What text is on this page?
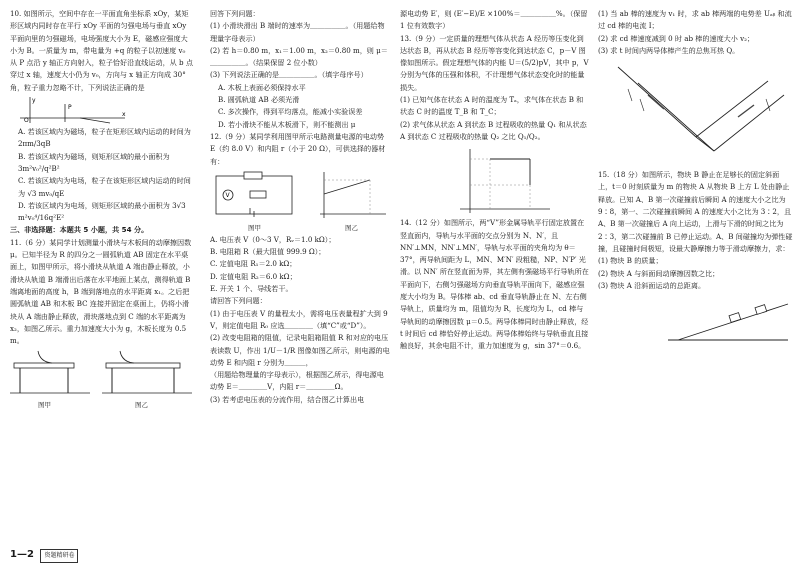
10. 如图所示，空间中存在一平面直角坐标系 xOy，某矩形区域内同时存在平行 xOy 平面的匀强电场与垂直 xOy 平面向里的匀强磁场，电场强度大小为 E，磁感应强度大小为 B。一质量为 m，带电量为 +q 的粒子以初速度 v₀ 从 P 点沿 y 轴正方向射入，粒子恰好沿直线运动，从 b 点穿过 x 轴，速度大小仍为 v₀，方向与 x 轴正方向成 30° 角，粒子重力忽略不计，下列说法正确的是

O
x
y
P

A. 若该区域内为磁场，粒子在矩形区域内运动的时间为 2πm/3qB

B. 若该区域内为磁场，则矩形区域的最小面积为 3m²v₀²/q²B²

C. 若该区域内为电场，粒子在该矩形区域内运动的时间为 √3 mv₀/qE

D. 若该区域内为电场，则矩形区域的最小面积为 3√3 m²v₀⁴/16q²E²

三、非选择题：本题共 5 小题，共 54 分。

11.（6 分）某同学计划测量小滑块与木板间的动摩擦因数 μ。已知半径为 R 的四分之一圆弧轨道 AB 固定在水平桌面上，如图甲所示，将小滑块从轨道 A 端由静止释放，小滑块从轨道 B 端滑出后落在水平地面上某点，测得轨道 B 端离地面的高度 h，B 端到落地点的水平距离 x₁。之后把圆弧轨道 AB 和木板 BC 连接并固定在桌面上，仍将小滑块从 A 端由静止释放，滑块落地点到 C 端的水平距离为 x₂，如图乙所示。重力加速度大小为 g，木板长度为 0.5 m。

图甲	图乙

回答下列问题：

(1) 小滑块滑出 B 端时的速率为＿＿＿＿＿。（用题给物理量字母表示）

(2) 若 h＝0.80 m，x₁＝1.00 m，x₂＝0.80 m，则 μ＝＿＿＿＿＿。（结果保留 2 位小数）

(3) 下列说法正确的是＿＿＿＿＿。（填字母序号）

A. 木板上表面必须保持水平

B. 圆弧轨道 AB 必须光滑

C. 多次操作，得到平均落点，能减小实验误差

D. 若小滑块不能从木板滑下，则不能测出 μ

12.（9 分）某同学利用图甲所示电路测量电源的电动势 E（约 8.0 V）和内阻 r（小于 20 Ω），可供选择的器材有：

V
图甲	图乙

A. 电压表 V（0～3 V，Rᵥ＝1.0 kΩ）；

B. 电阻箱 R（最大阻值 999.9 Ω）；

C. 定值电阻 R₁＝2.0 kΩ；

D. 定值电阻 R₂＝6.0 kΩ；

E. 开关 1 个、导线若干。

请回答下列问题：

(1) 由于电压表 V 的量程太小，需将电压表量程扩大到 9 V，则定值电阻 R₀ 应选＿＿＿＿（填“C”或“D”）。

(2) 改变电阻箱的阻值，记录电阻箱阻值 R 和对应的电压表读数 U，作出 1/U－1/R 图像如图乙所示，则电源的电动势 E 和内阻 r 分别为＿＿＿，

（用题给物理量的字母表示），根据图乙所示，得电源电动势 E＝＿＿＿＿V，内阻 r＝＿＿＿＿Ω。

(3) 若考虑电压表的分流作用，结合图乙计算出电

源电动势 E′，则 (E′−E)/E ×100%＝＿＿＿＿＿%。（保留 1 位有效数字）

13.（9 分）一定质量的理想气体从状态 A 经历等压变化到达状态 B，再从状态 B 经历等容变化到达状态 C，p－V 图像如图所示。假定理想气体的内能 U＝(5/2)pV，其中 p，V 分别为气体的压强和体积，不计理想气体状态变化时的能量损失。

(1) 已知气体在状态 A 时的温度为 Tₐ，求气体在状态 B 和状态 C 时的温度 T_B 和 T_C；

(2) 求气体从状态 A 到状态 B 过程吸收的热量 Q₁ 和从状态 A 到状态 C 过程吸收的热量 Q₂ 之比 Q₁/Q₂。

14.（12 分）如图所示，两“V”形金属导轨平行固定放置在竖直面内，导轨与水平面的交点分别为 N、N′，且 NN′⊥MN，NN′⊥MN′，导轨与水平面的夹角均为 θ＝37°，两导轨间距为 L，MN、M′N′ 段粗糙，NP、N′P′ 光滑。以 NN′ 所在竖直面为界，其左侧有强磁场平行导轨所在平面向下，右侧匀强磁场方向垂直导轨平面向下，磁感应强度大小均为 B。导体棒 ab、cd 垂直导轨静止在 N、左右侧导轨上，质量均为 m，阻值均为 R，长度均为 L，cd 棒与导轨间的动摩擦因数 μ＝0.5。两导体棒同时由静止释放，经 t 时间后 cd 棒恰好停止运动。两导体棒始终与导轨垂直且接触良好，其余电阻不计，重力加速度为 g，sin 37°＝0.6。

(1) 当 ab 棒的速度为 v₁ 时，求 ab 棒两端的电势差 Uₐᵦ 和流过 cd 棒的电流 I；

(2) 求 cd 棒速度减到 0 时 ab 棒的速度大小 v₂；

(3) 求 t 时间内两导体棒产生的总焦耳热 Q。

15.（18 分）如图所示，物块 B 静止在足够长的固定斜面上，t＝0 时刻质量为 m 的物块 A 从物块 B 上方 L 处由静止释放。已知 A、B 第一次碰撞前后瞬间 A 的速度大小之比为 9∶8，第一、二次碰撞前瞬间 A 的速度大小之比为 3∶2，且 A、B 第一次碰撞后 A 向上运动，上滑与下滑的时间之比为 2∶3，第二次碰撞前 B 已停止运动。A、B 间碰撞均为弹性碰撞，且碰撞时间极短，设最大静摩擦力等于滑动摩擦力，求：

(1) 物块 B 的质量；

(2) 物块 A 与斜面间动摩擦因数之比；

(3) 物块 A 沿斜面运动的总距离。

1—2 资题精研卷
